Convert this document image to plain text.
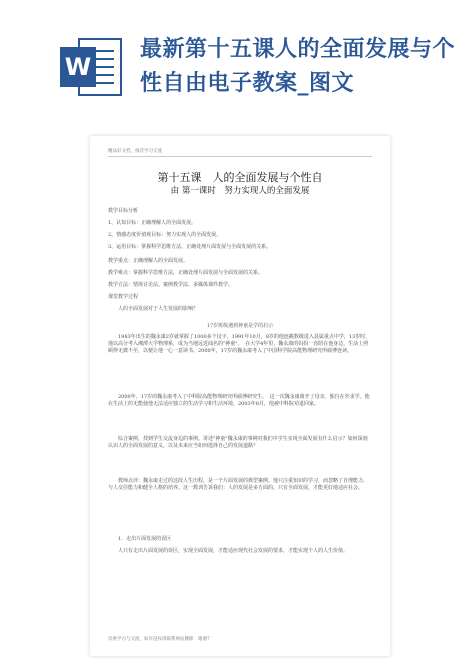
W
最新第十五课人的全面发展与个性自由电子教案_图文
精品好文档，推荐学习交流
第十五课　人的全面发展与个性自
由 第一课时　努力实现人的全面发展
教学目标分析
1、认知目标：正确理解人的全面发展。
2、情感态度价值观目标：努力实现人的全面发展。
3、运用目标：掌握科学思维方法，正确处理片面发展与全面发展的关系。
教学重点：正确理解人的全面发展。
教学难点：掌握科学思维方法，正确处理片面发展与全面发展的关系。
教学方法：情境讨论法、案例教学法、多媒体课件教学。
课堂教学过程
人的全面发展对于人生发展的影响？
17岁班级遇到神童是学的启示
1983年出生的魏永康2岁就掌握了1000多个汉字，1991年10月，8岁的他连跳数级进入县属重点中学，13岁时，他以高分考入湘潭大学物理系，成为当地远近闻名的"神童"。　在大学4年里，魏永康的妈妈一直陪在他身边，生活上照顾得无微不至，以便让他一心一意读书。2000年，17岁的魏永康考入了中国科学院高能物理研究所硕博连读。
2000年，17岁的魏永康考入了中科院高能物理研究所硕博研究生。　这一次魏永康离开了母亲，独自在外求学。他在生活上的无能使他无法适应独立的生活学习和生活环境，2003年8月，他被中科院劝退回家。
综合案例，找到学生交流身边的事例。讲述"神童"魏永康的事例对我们中学生实现全面发展有什么启示？如何深刻认识人的全面发展的意义，以及未来应当如何选择自己的发展道路？
教师点评：魏永康走过的这段人生历程，是一个片面发展的典型案例。他只注重知识的学习，而忽略了自理能力、与人交往能力和健全人格的培养。这一教训告诉我们：人的发展是多方面的，只有全面发展，才能更好地适应社会。
1．走出片面发展的误区
人只有走出片面发展的误区，实现全面发展，才能适应现代社会发展的要求，才能实现个人的人生价值。
仅供学习与交流，如有侵权请联系网站删除　谢谢7
